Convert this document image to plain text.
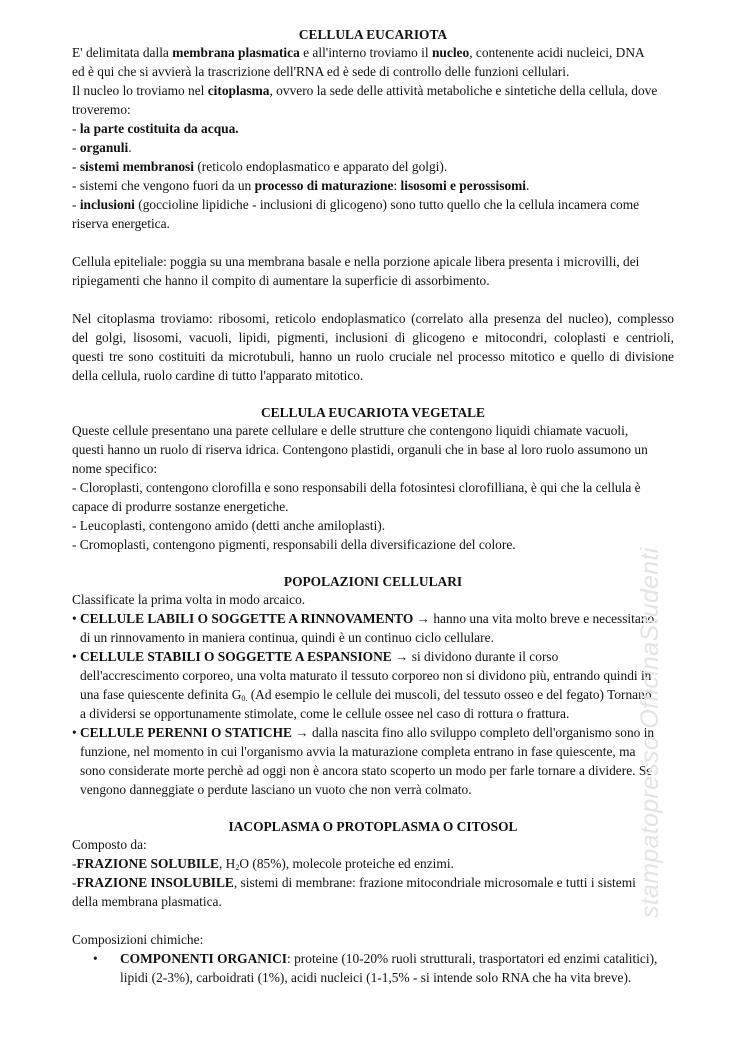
CELLULA EUCARIOTA
E' delimitata dalla membrana plasmatica e all'interno troviamo il nucleo, contenente acidi nucleici, DNA
ed è qui che si avvierà la trascrizione dell'RNA ed è sede di controllo delle funzioni cellulari.
Il nucleo lo troviamo nel citoplasma, ovvero la sede delle attività metaboliche e sintetiche della cellula, dove
troveremo:
- la parte costituita da acqua.
- organuli.
- sistemi membranosi (reticolo endoplasmatico e apparato del golgi).
- sistemi che vengono fuori da un processo di maturazione: lisosomi e perossisomi.
- inclusioni (goccioline lipidiche - inclusioni di glicogeno) sono tutto quello che la cellula incamera come
riserva energetica.
Cellula epiteliale: poggia su una membrana basale e nella porzione apicale libera presenta i microvilli, dei
ripiegamenti che hanno il compito di aumentare la superficie di assorbimento.
Nel citoplasma troviamo: ribosomi, reticolo endoplasmatico (correlato alla presenza del nucleo), complesso
del golgi, lisosomi, vacuoli, lipidi, pigmenti, inclusioni di glicogeno e mitocondri, coloplasti e centrioli,
questi tre sono costituiti da microtubuli, hanno un ruolo cruciale nel processo mitotico e quello di divisione
della cellula, ruolo cardine di tutto l'apparato mitotico.
CELLULA EUCARIOTA VEGETALE
Queste cellule presentano una parete cellulare e delle strutture che contengono liquidi chiamate vacuoli,
questi hanno un ruolo di riserva idrica. Contengono plastidi, organuli che in base al loro ruolo assumono un
nome specifico:
- Cloroplasti, contengono clorofilla e sono responsabili della fotosintesi clorofilliana, è qui che la cellula è
capace di produrre sostanze energetiche.
- Leucoplasti, contengono amido (detti anche amiloplasti).
- Cromoplasti, contengono pigmenti, responsabili della diversificazione del colore.
POPOLAZIONI CELLULARI
Classificate la prima volta in modo arcaico.
• CELLULE LABILI O SOGGETTE A RINNOVAMENTO → hanno una vita molto breve e necessitano
di un rinnovamento in maniera continua, quindi è un continuo ciclo cellulare.
• CELLULE STABILI O SOGGETTE A ESPANSIONE → si dividono durante il corso
dell'accrescimento corporeo, una volta maturato il tessuto corporeo non si dividono più, entrando quindi in
una fase quiescente definita $G_{0.}$ (Ad esempio le cellule dei muscoli, del tessuto osseo e del fegato) Tornano
a dividersi se opportunamente stimolate, come le cellule ossee nel caso di rottura o frattura.
• CELLULE PERENNI O STATICHE → dalla nascita fino allo sviluppo completo dell'organismo sono in
funzione, nel momento in cui l'organismo avvia la maturazione completa entrano in fase quiescente, ma
sono considerate morte perchè ad oggi non è ancora stato scoperto un modo per farle tornare a dividere. Se
vengono danneggiate o perdute lasciano un vuoto che non verrà colmato.
IACOPLASMA O PROTOPLASMA O CITOSOL
Composto da:
-FRAZIONE SOLUBILE, $H_2O$ (85%), molecole proteiche ed enzimi.
-FRAZIONE INSOLUBILE, sistemi di membrane: frazione mitocondriale microsomale e tutti i sistemi
della membrana plasmatica.
Composizioni chimiche:
• COMPONENTI ORGANICI: proteine (10-20% ruoli strutturali, trasportatori ed enzimi catalitici),
lipidi (2-3%), carboidrati (1%), acidi nucleici (1-1,5% - si intende solo RNA che ha vita breve).
stampatopresso OfficinaStudenti
